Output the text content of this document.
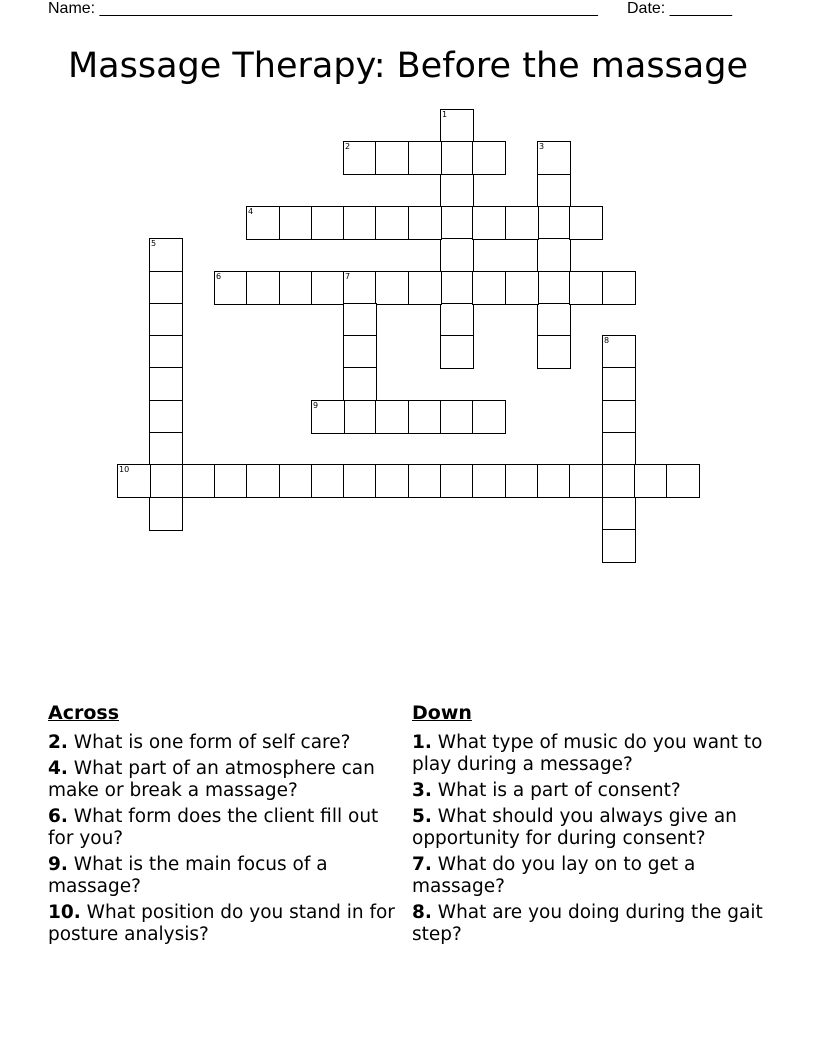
Name: ________________________________________________________ Date: _______
Massage Therapy: Before the massage
1
2	3
4
5
6	7
8
9
10
Across
2. What is one form of self care?
4. What part of an atmosphere can make or break a massage?
6. What form does the client fill out for you?
9. What is the main focus of a massage?
10. What position do you stand in for posture analysis?
Down
1. What type of music do you want to play during a message?
3. What is a part of consent?
5. What should you always give an opportunity for during consent?
7. What do you lay on to get a massage?
8. What are you doing during the gait step?
